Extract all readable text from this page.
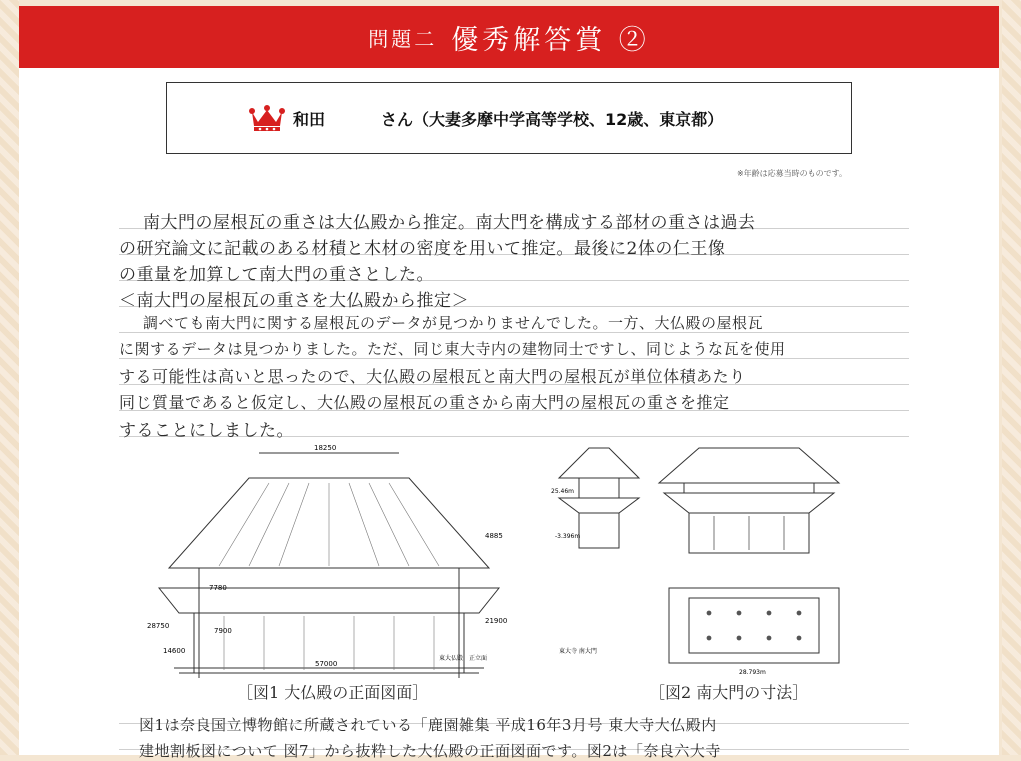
問題二 優秀解答賞 ②
和田	さん（大妻多摩中学高等学校、12歳、東京都）
※年齢は応募当時のものです。
南大門の屋根瓦の重さは大仏殿から推定。南大門を構成する部材の重さは過去
の研究論文に記載のある材積と木材の密度を用いて推定。最後に2体の仁王像
の重量を加算して南大門の重さとした。
＜南大門の屋根瓦の重さを大仏殿から推定＞
調べても南大門に関する屋根瓦のデータが見つかりませんでした。一方、大仏殿の屋根瓦
に関するデータは見つかりました。ただ、同じ東大寺内の建物同士ですし、同じような瓦を使用
する可能性は高いと思ったので、大仏殿の屋根瓦と南大門の屋根瓦が単位体積あたり
同じ質量であると仮定し、大仏殿の屋根瓦の重さから南大門の屋根瓦の重さを推定
することにしました。
18250
7780
28750
4885
14600
7900
21900
57000
東大仏殿　正立面
25.46m
-3.396m
東大寺 南大門
28.793m
［図1 大仏殿の正面図面］	［図2 南大門の寸法］
図1は奈良国立博物館に所蔵されている「鹿園雑集 平成16年3月号 東大寺大仏殿内
建地割板図について 図7」から抜粋した大仏殿の正面図面です。図2は「奈良六大寺
